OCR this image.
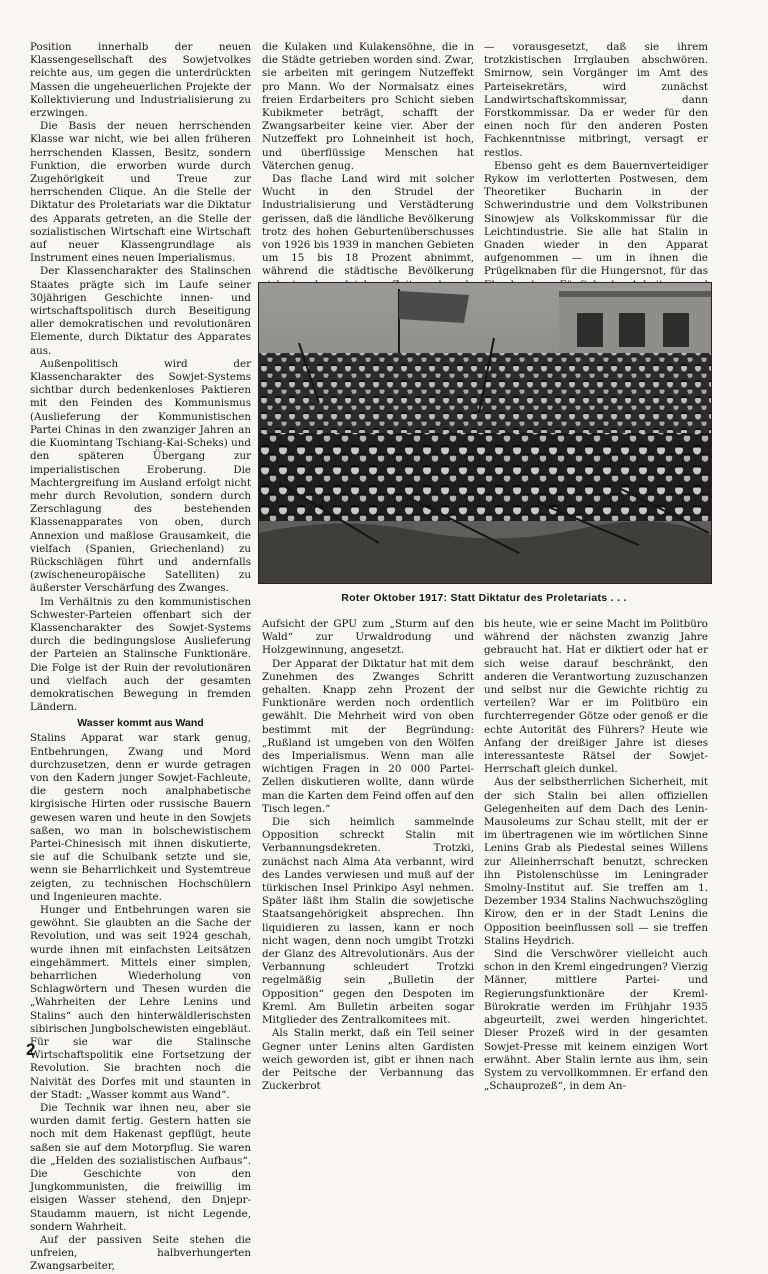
Position innerhalb der neuen Klassengesellschaft des Sowjetvolkes reichte aus, um gegen die unterdrückten Massen die ungeheuerlichen Projekte der Kollektivierung und Industrialisierung zu erzwingen.

Die Basis der neuen herrschenden Klasse war nicht, wie bei allen früheren herrschenden Klassen, Besitz, sondern Funktion, die erworben wurde durch Zugehörigkeit und Treue zur herrschenden Clique. An die Stelle der Diktatur des Proletariats war die Diktatur des Apparats getreten, an die Stelle der sozialistischen Wirtschaft eine Wirtschaft auf neuer Klassengrundlage als Instrument eines neuen Imperialismus.

Der Klassencharakter des Stalinschen Staates prägte sich im Laufe seiner 30jährigen Geschichte innen- und wirtschaftspolitisch durch Beseitigung aller demokratischen und revolutionären Elemente, durch Diktatur des Apparates aus.

Außenpolitisch wird der Klassencharakter des Sowjet-Systems sichtbar durch bedenkenloses Paktieren mit den Feinden des Kommunismus (Auslieferung der Kommunistischen Partei Chinas in den zwanziger Jahren an die Kuomintang Tschiang-Kai-Scheks) und den späteren Übergang zur imperialistischen Eroberung. Die Machtergreifung im Ausland erfolgt nicht mehr durch Revolution, sondern durch Zerschlagung des bestehenden Klassenapparates von oben, durch Annexion und maßlose Grausamkeit, die vielfach (Spanien, Griechenland) zu Rückschlägen führt und andernfalls (zwischeneuropäische Satelliten) zu äußerster Verschärfung des Zwanges.

Im Verhältnis zu den kommunistischen Schwester-Parteien offenbart sich der Klassencharakter des Sowjet-Systems durch die bedingungslose Auslieferung der Parteien an Stalinsche Funktionäre. Die Folge ist der Ruin der revolutionären und vielfach auch der gesamten demokratischen Bewegung in fremden Ländern.

Wasser kommt aus Wand

Stalins Apparat war stark genug, Entbehrungen, Zwang und Mord durchzusetzen, denn er wurde getragen von den Kadern junger Sowjet-Fachleute, die gestern noch analphabetische kirgisische Hirten oder russische Bauern gewesen waren und heute in den Sowjets saßen, wo man in bolschewistischem Partei-Chinesisch mit ihnen diskutierte, sie auf die Schulbank setzte und sie, wenn sie Beharrlichkeit und Systemtreue zeigten, zu technischen Hochschülern und Ingenieuren machte.

Hunger und Entbehrungen waren sie gewöhnt. Sie glaubten an die Sache der Revolution, und was seit 1924 geschah, wurde ihnen mit einfachsten Leitsätzen eingehämmert. Mittels einer simplen, beharrlichen Wiederholung von Schlagwörtern und Thesen wurden die „Wahrheiten der Lehre Lenins und Stalins“ auch den hinterwäldlerischsten sibirischen Jungbolschewisten eingebläut. Für sie war die Stalinsche Wirtschaftspolitik eine Fortsetzung der Revolution. Sie brachten noch die Naivität des Dorfes mit und staunten in der Stadt: „Wasser kommt aus Wand“.

Die Technik war ihnen neu, aber sie wurden damit fertig. Gestern hatten sie noch mit dem Hakenast gepflügt, heute saßen sie auf dem Motorpflug. Sie waren die „Helden des sozialistischen Aufbaus“. Die Geschichte von den Jungkommunisten, die freiwillig im eisigen Wasser stehend, den Dnjepr-Staudamm mauern, ist nicht Legende, sondern Wahrheit.

Auf der passiven Seite stehen die unfreien, halbverhungerten Zwangsarbeiter,

die Kulaken und Kulakensöhne, die in die Städte getrieben worden sind. Zwar, sie arbeiten mit geringem Nutzeffekt pro Mann. Wo der Normalsatz eines freien Erdarbeiters pro Schicht sieben Kubikmeter beträgt, schafft der Zwangsarbeiter keine vier. Aber der Nutzeffekt pro Lohneinheit ist hoch, und überflüssige Menschen hat Väterchen genug.

Das flache Land wird mit solcher Wucht in den Strudel der Industrialisierung und Verstädterung gerissen, daß die ländliche Bevölkerung trotz des hohen Geburtenüberschusses von 1926 bis 1939 in manchen Gebieten um 15 bis 18 Prozent abnimmt, während die städtische Bevölkerung

— vorausgesetzt, daß sie ihrem trotzkistischen Irrglauben abschwören. Smirnow, sein Vorgänger im Amt des Parteisekretärs, wird zunächst Landwirtschaftskommissar, dann Forstkommissar. Da er weder für den einen noch für den anderen Posten Fachkenntnisse mitbringt, versagt er restlos.

Ebenso geht es dem Bauernverteidiger Rykow im verlotterten Postwesen, dem Theoretiker Bucharin in der Schwerindustrie und dem Volkstribunen Sinowjew als Volkskommissar für die Leichtindustrie. Sie alle hat Stalin in Gnaden wieder in den Apparat aufgenommen — um in ihnen die Prügelknaben für die Hungersnot, für das

Roter Oktober 1917: Statt Diktatur des Proletariats . . .

Aufsicht der GPU zum „Sturm auf den Wald“ zur Urwaldrodung und Holzgewinnung, angesetzt.

Der Apparat der Diktatur hat mit dem Zunehmen des Zwanges Schritt gehalten. Knapp zehn Prozent der Funktionäre werden noch ordentlich gewählt. Die Mehrheit wird von oben bestimmt mit der Begründung: „Rußland ist umgeben von den Wölfen des Imperialismus. Wenn man alle wichtigen Fragen in 20 000 Partei-Zellen diskutieren wollte, dann würde man die Karten dem Feind offen auf den Tisch legen.“

Die sich heimlich sammelnde Opposition schreckt Stalin mit Verbannungsdekreten. Trotzki, zunächst nach Alma Ata verbannt, wird des Landes verwiesen und muß auf der türkischen Insel Prinkipo Asyl nehmen. Später läßt ihm Stalin die sowjetische Staatsangehörigkeit absprechen. Ihn liquidieren zu lassen, kann er noch nicht wagen, denn noch umgibt Trotzki der Glanz des Altrevolutionärs. Aus der Verbannung schleudert Trotzki regelmäßig sein „Bulletin der Opposition“ gegen den Despoten im Kreml. Am Bulletin arbeiten sogar Mitglieder des Zentralkomitees mit.

Als Stalin merkt, daß ein Teil seiner Gegner unter Lenins alten Gardisten weich geworden ist, gibt er ihnen nach der Peitsche der Verbannung das Zuckerbrot

bis heute, wie er seine Macht im Politbüro während der nächsten zwanzig Jahre gebraucht hat. Hat er diktiert oder hat er sich weise darauf beschränkt, den anderen die Verantwortung zuzuschanzen und selbst nur die Gewichte richtig zu verteilen? War er im Politbüro ein furchterregender Götze oder genoß er die echte Autorität des Führers? Heute wie Anfang der dreißiger Jahre ist dieses interessanteste Rätsel der Sowjet-Herrschaft gleich dunkel.

Aus der selbstherrlichen Sicherheit, mit der sich Stalin bei allen offiziellen Gelegenheiten auf dem Dach des Lenin-Mausoleums zur Schau stellt, mit der er im übertragenen wie im wörtlichen Sinne Lenins Grab als Piedestal seines Willens zur Alleinherrschaft benutzt, schrecken ihn Pistolenschüsse im Leningrader Smolny-Institut auf. Sie treffen am 1. Dezember 1934 Stalins Nachwuchszögling Kirow, den er in der Stadt Lenins die Opposition beeinflussen soll — sie treffen Stalins Heydrich.

Sind die Verschwörer vielleicht auch schon in den Kreml eingedrungen? Vierzig Männer, mittlere Partei- und Regierungsfunktionäre der Kreml-Bürokratie werden im Frühjahr 1935 abgeurteilt, zwei werden hingerichtet. Dieser Prozeß wird in der gesamten Sowjet-Presse mit keinem einzigen Wort erwähnt. Aber Stalin lernte aus ihm, sein System zu vervollkommnen. Er erfand den „Schauprozeß“, in dem An-

2
